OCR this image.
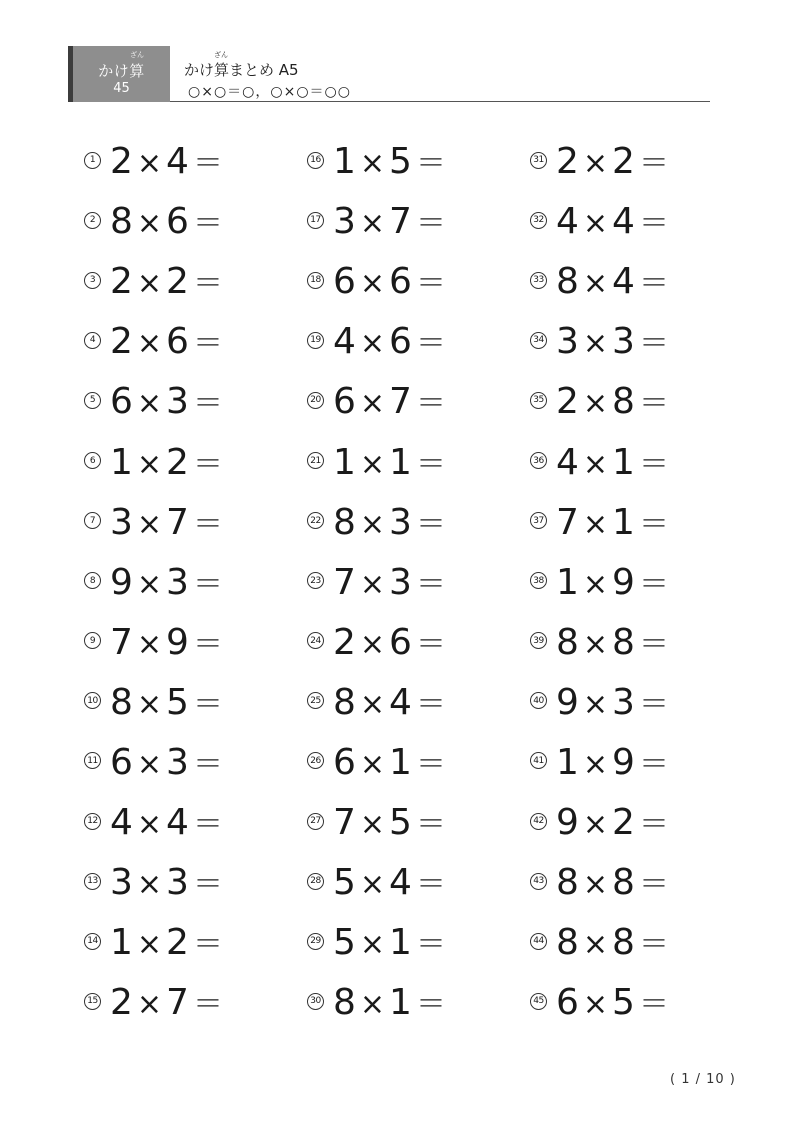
ざん
かけ算
45
ざん
かけ算まとめ A5
○×○＝○，○×○＝○○
1 2 ×4 ＝
2 8 ×6 ＝
3 2 ×2 ＝
4 2 ×6 ＝
5 6 ×3 ＝
6 1 ×2 ＝
7 3 ×7 ＝
8 9 ×3 ＝
9 7 ×9 ＝
10 8 ×5 ＝
11 6 ×3 ＝
12 4 ×4 ＝
13 3 ×3 ＝
14 1 ×2 ＝
15 2 ×7 ＝
16 1 ×5 ＝
17 3 ×7 ＝
18 6 ×6 ＝
19 4 ×6 ＝
20 6 ×7 ＝
21 1 ×1 ＝
22 8 ×3 ＝
23 7 ×3 ＝
24 2 ×6 ＝
25 8 ×4 ＝
26 6 ×1 ＝
27 7 ×5 ＝
28 5 ×4 ＝
29 5 ×1 ＝
30 8 ×1 ＝
31 2 ×2 ＝
32 4 ×4 ＝
33 8 ×4 ＝
34 3 ×3 ＝
35 2 ×8 ＝
36 4 ×1 ＝
37 7 ×1 ＝
38 1 ×9 ＝
39 8 ×8 ＝
40 9 ×3 ＝
41 1 ×9 ＝
42 9 ×2 ＝
43 8 ×8 ＝
44 8 ×8 ＝
45 6 ×5 ＝
( 1 / 10 )
